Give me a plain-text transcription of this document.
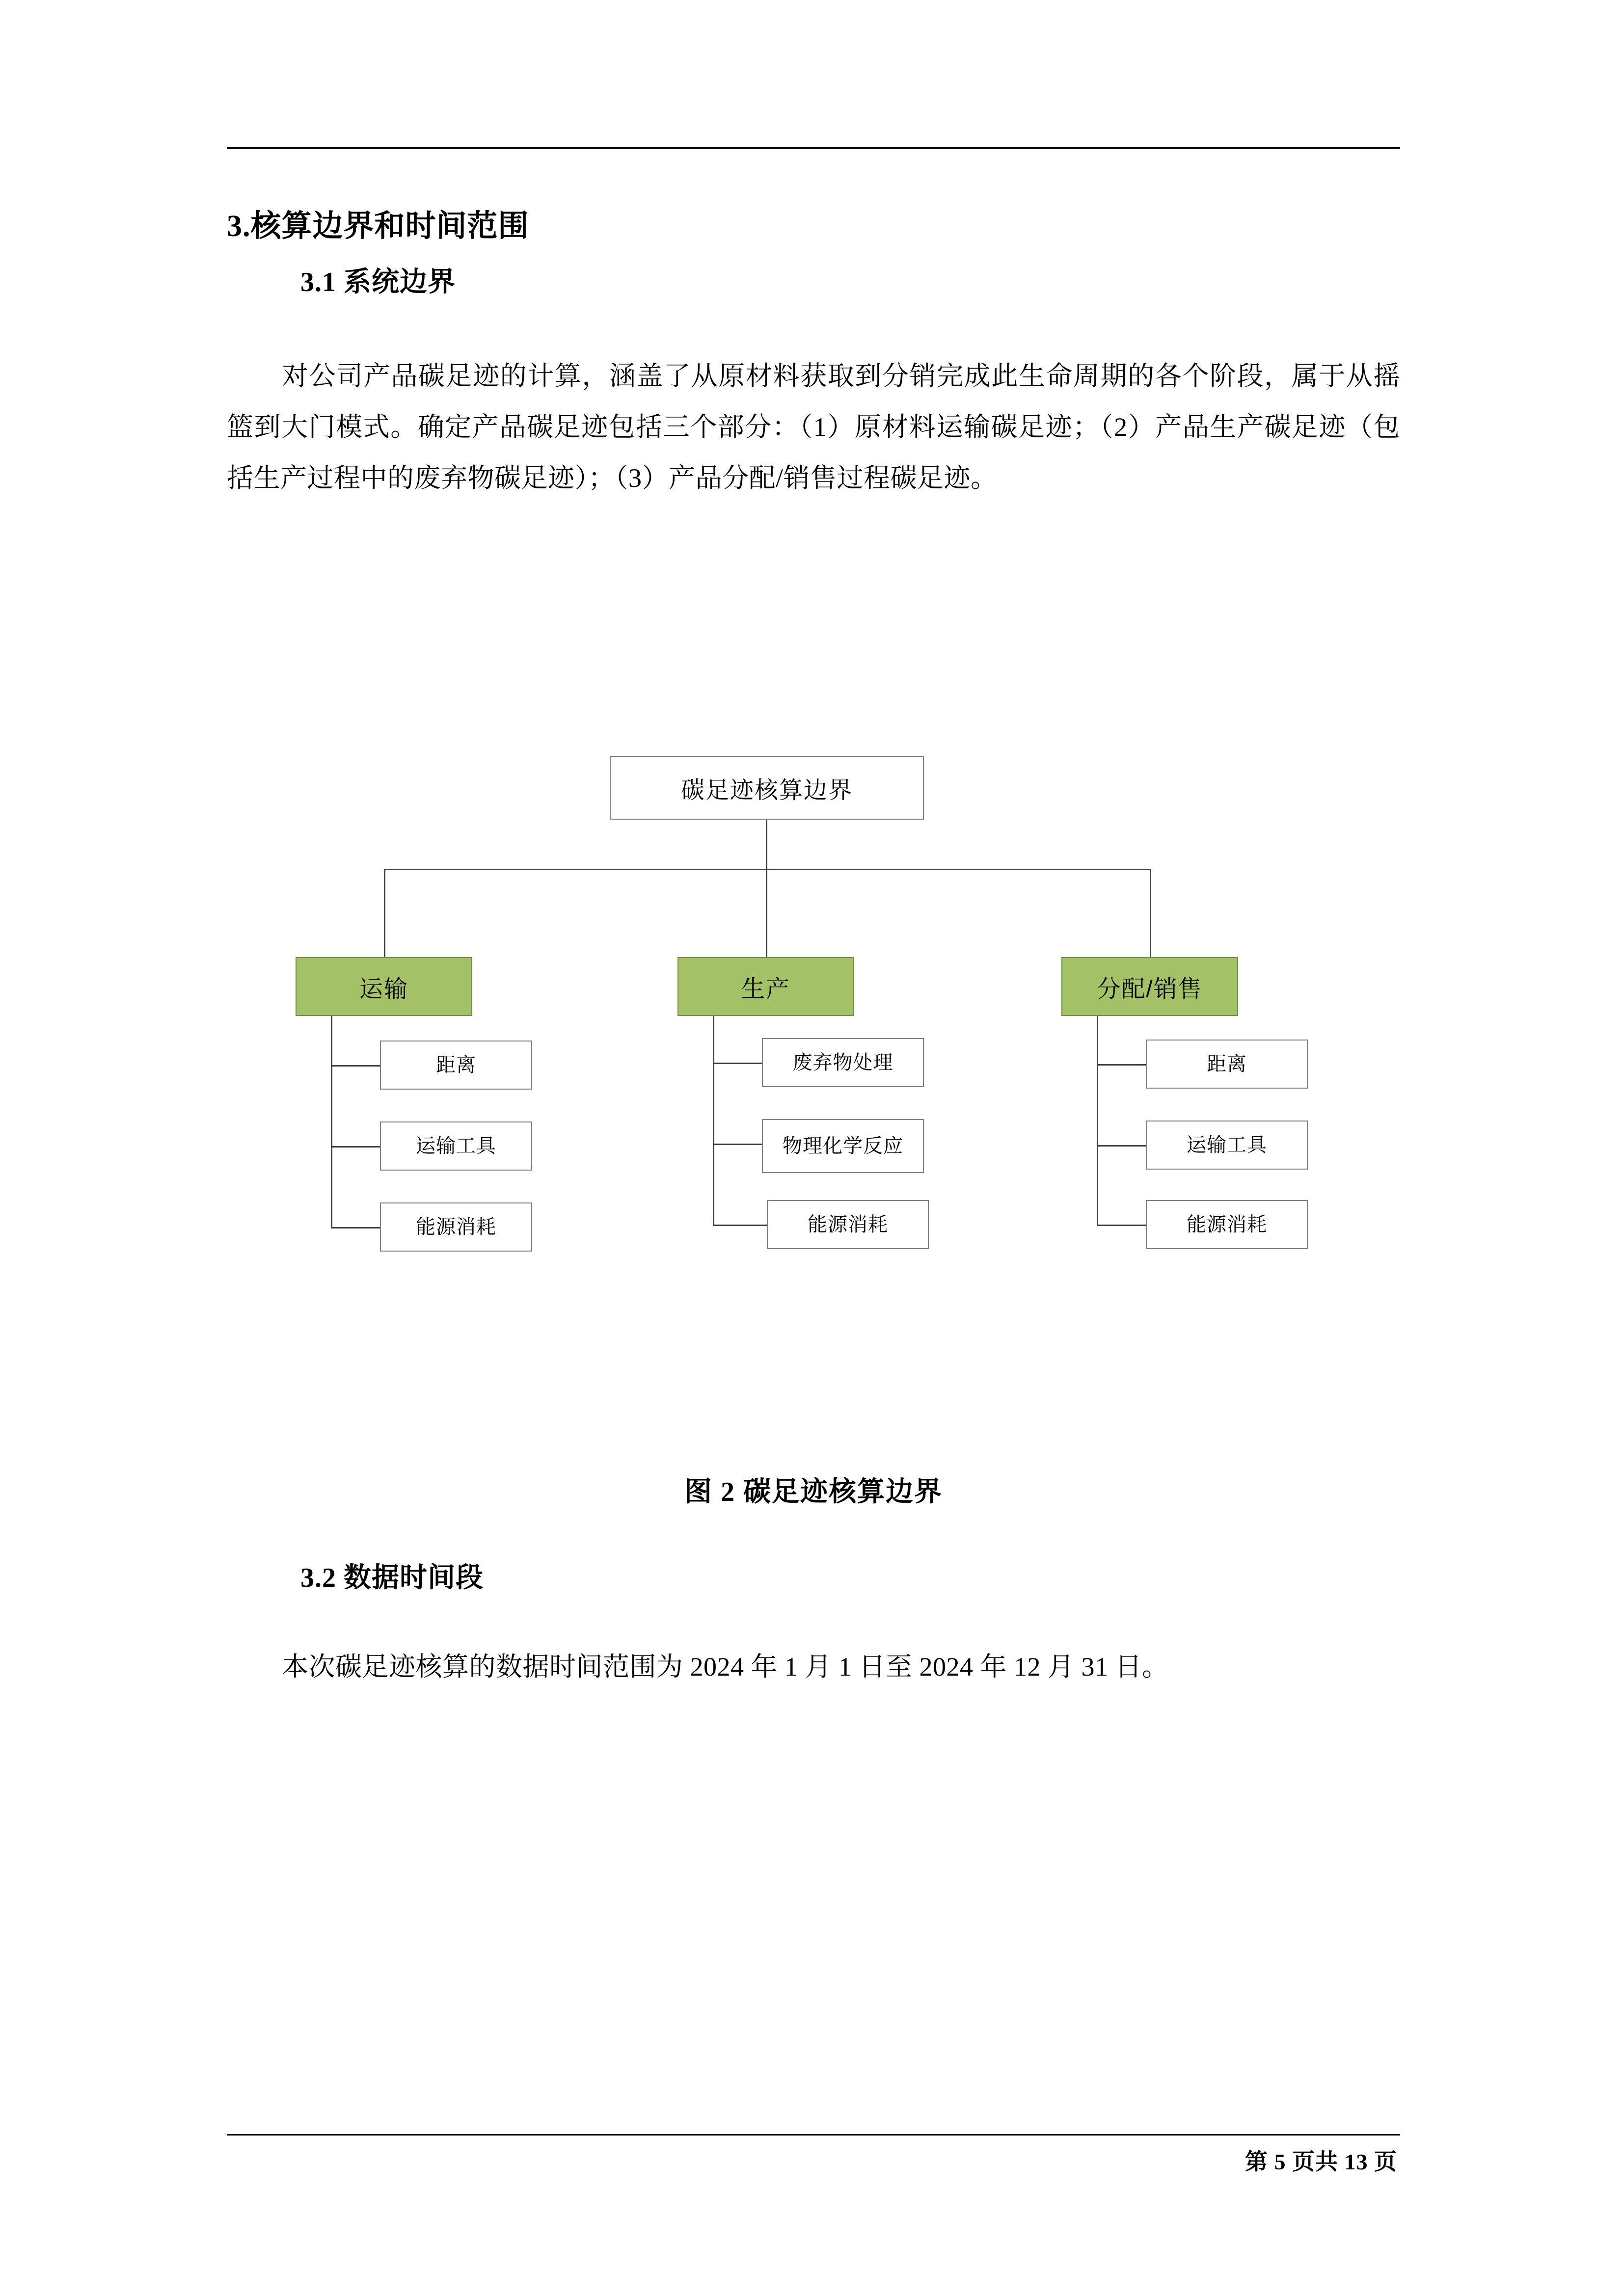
3.核算边界和时间范围
3.1 系统边界

对公司产品碳足迹的计算，涵盖了从原材料获取到分销完成此生命周期的各个阶段，属于从摇篮到大门模式。确定产品碳足迹包括三个部分：（1）原材料运输碳足迹；（2）产品生产碳足迹（包括生产过程中的废弃物碳足迹）；（3）产品分配/销售过程碳足迹。

碳足迹核算边界
运输
距离
运输工具
能源消耗
生产
废弃物处理
物理化学反应
能源消耗
分配/销售
距离
运输工具
能源消耗
图 2 碳足迹核算边界
3.2 数据时间段

本次碳足迹核算的数据时间范围为 2024 年 1 月 1 日至 2024 年 12 月 31 日。

第 5 页共 13 页
